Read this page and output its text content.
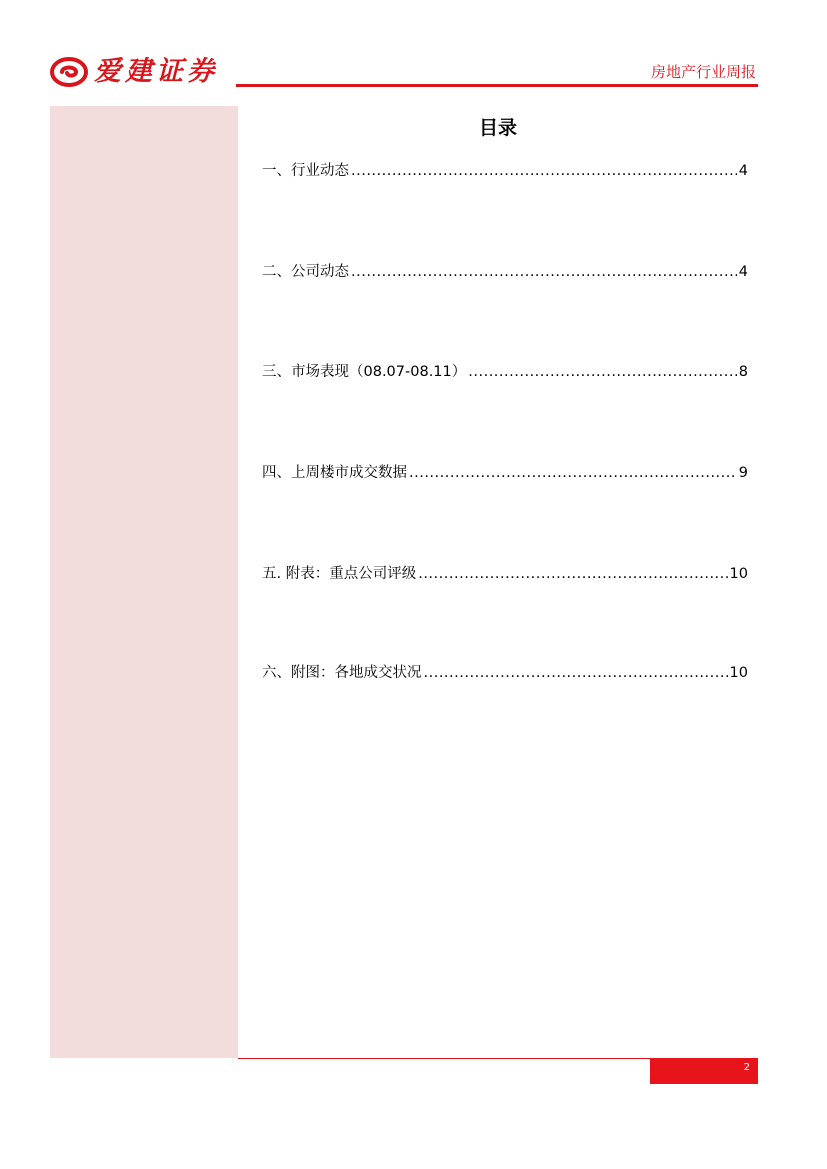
爱建证券	房地产行业周报
目录
一、行业动态 .....	4
二、公司动态 .....	4
三、市场表现（08.07-08.11） .....	8
四、上周楼市成交数据 .....	9
五. 附表：重点公司评级 .....	10
六、附图：各地成交状况 .....	10
2
